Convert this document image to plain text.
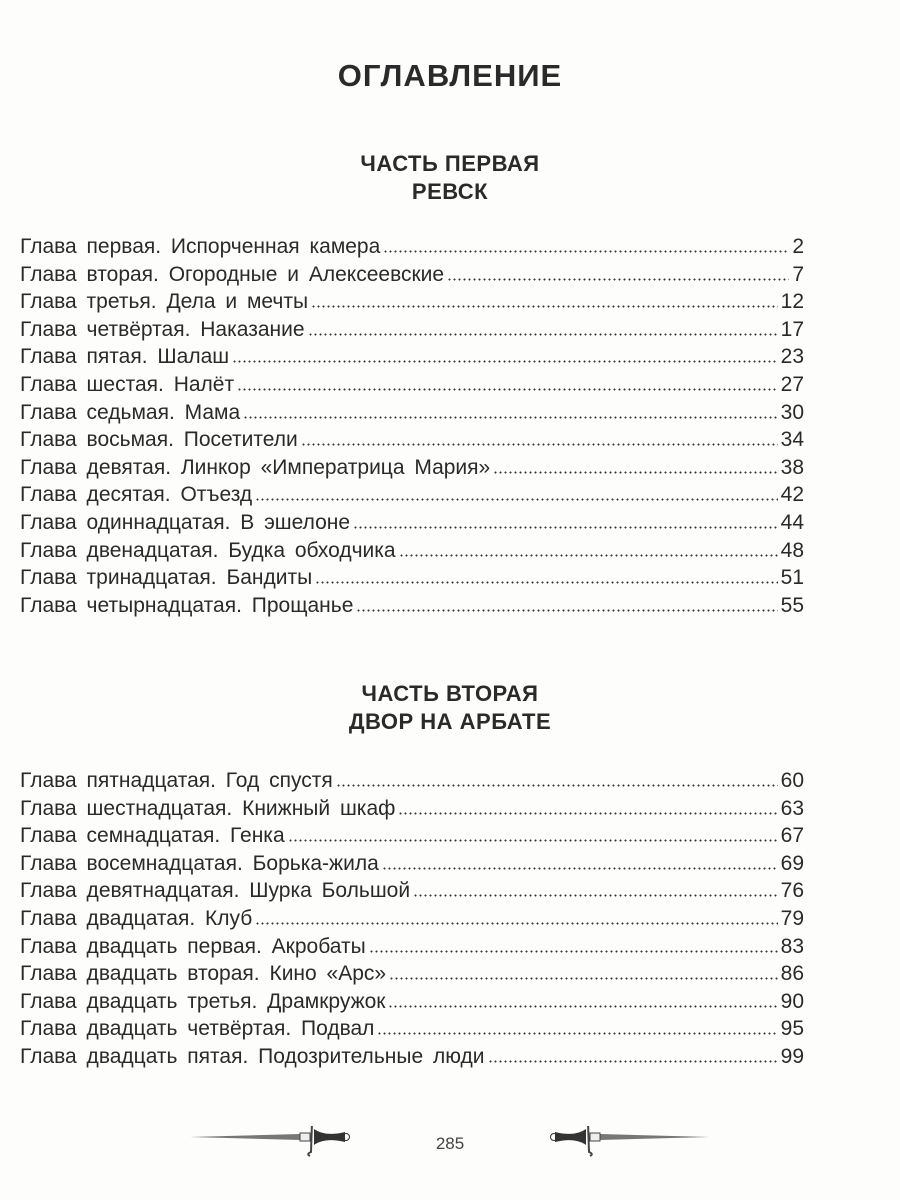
ОГЛАВЛЕНИЕ
ЧАСТЬ ПЕРВАЯ
РЕВСК
Глава первая. Испорченная камера	2
Глава вторая. Огородные и Алексеевские	7
Глава третья. Дела и мечты	12
Глава четвёртая. Наказание	17
Глава пятая. Шалаш	23
Глава шестая. Налёт	27
Глава седьмая. Мама	30
Глава восьмая. Посетители	34
Глава девятая. Линкор «Императрица Мария»	38
Глава десятая. Отъезд	42
Глава одиннадцатая. В эшелоне	44
Глава двенадцатая. Будка обходчика	48
Глава тринадцатая. Бандиты	51
Глава четырнадцатая. Прощанье	55
ЧАСТЬ ВТОРАЯ
ДВОР НА АРБАТЕ
Глава пятнадцатая. Год спустя	60
Глава шестнадцатая. Книжный шкаф	63
Глава семнадцатая. Генка	67
Глава восемнадцатая. Борька-жила	69
Глава девятнадцатая. Шурка Большой	76
Глава двадцатая. Клуб	79
Глава двадцать первая. Акробаты	83
Глава двадцать вторая. Кино «Арс»	86
Глава двадцать третья. Драмкружок	90
Глава двадцать четвёртая. Подвал	95
Глава двадцать пятая. Подозрительные люди	99
285
